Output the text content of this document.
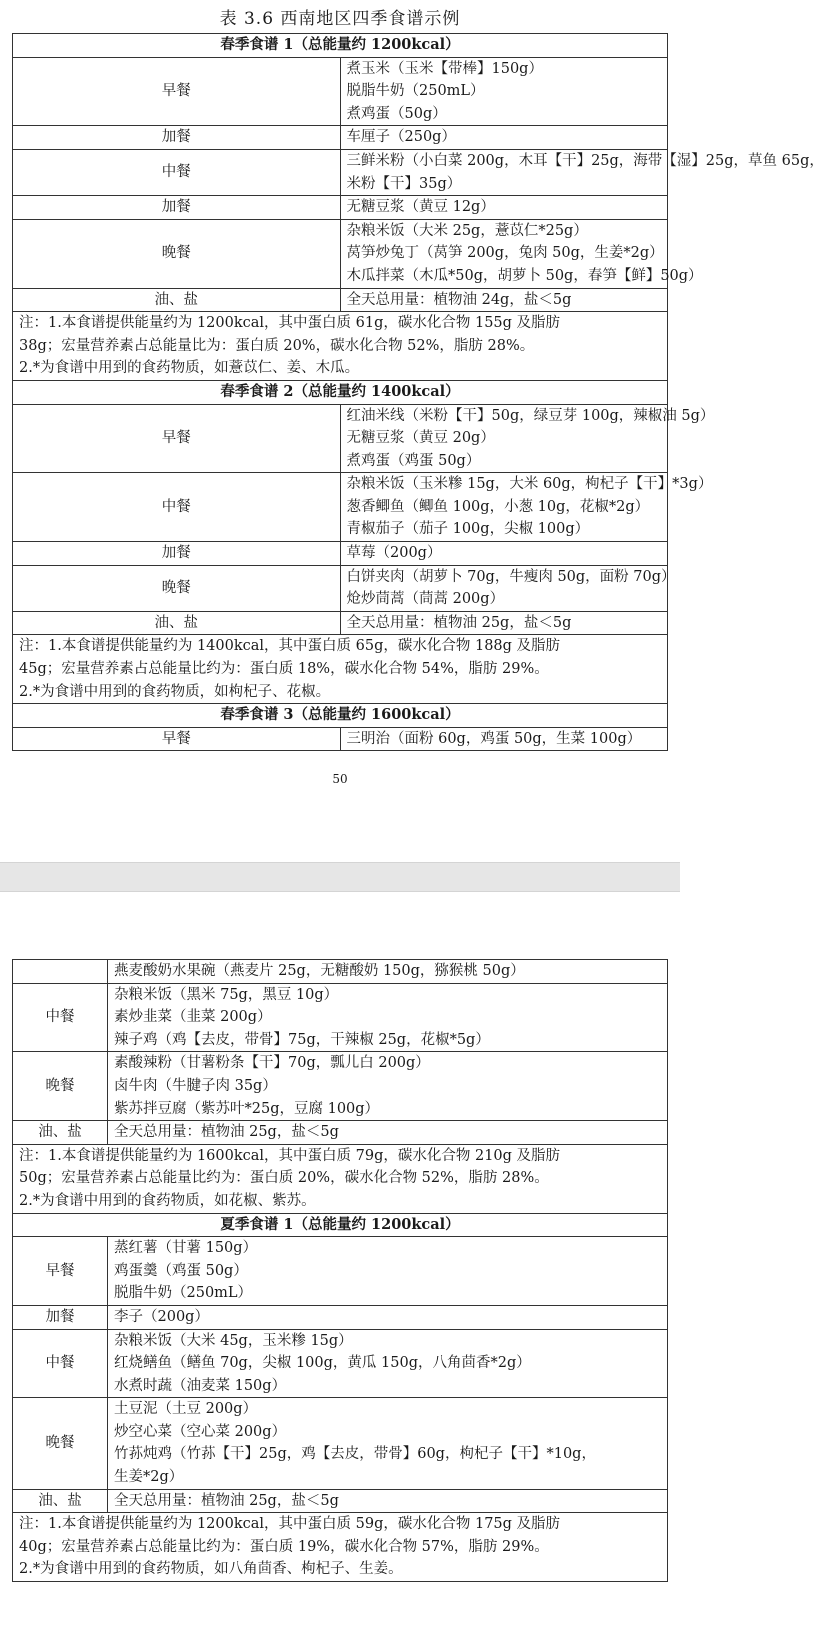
表 3.6 西南地区四季食谱示例
春季食谱 1（总能量约 1200kcal）	
早餐	煮玉米（玉米【带棒】150g）
脱脂牛奶（250mL）
煮鸡蛋（50g）

加餐	车厘子（250g）

中餐	三鲜米粉（小白菜 200g，木耳【干】25g，海带【湿】25g，草鱼 65g，
米粉【干】35g）

加餐	无糖豆浆（黄豆 12g）

晚餐	杂粮米饭（大米 25g，薏苡仁*25g）
莴笋炒兔丁（莴笋 200g，兔肉 50g，生姜*2g）
木瓜拌菜（木瓜*50g，胡萝卜 50g，春笋【鲜】50g）

油、盐	全天总用量：植物油 24g，盐＜5g

注：1.本食谱提供能量约为 1200kcal，其中蛋白质 61g，碳水化合物 155g 及脂肪
38g；宏量营养素占总能量比为：蛋白质 20%，碳水化合物 52%，脂肪 28%。
2.*为食谱中用到的食药物质，如薏苡仁、姜、木瓜。	

春季食谱 2（总能量约 1400kcal）	
早餐	红油米线（米粉【干】50g，绿豆芽 100g，辣椒油 5g）
无糖豆浆（黄豆 20g）
煮鸡蛋（鸡蛋 50g）

中餐	杂粮米饭（玉米糁 15g，大米 60g，枸杞子【干】*3g）
葱香鲫鱼（鲫鱼 100g，小葱 10g，花椒*2g）
青椒茄子（茄子 100g，尖椒 100g）

加餐	草莓（200g）

晚餐	白饼夹肉（胡萝卜 70g，牛瘦肉 50g，面粉 70g）
炝炒茼蒿（茼蒿 200g）

油、盐	全天总用量：植物油 25g，盐＜5g

注：1.本食谱提供能量约为 1400kcal，其中蛋白质 65g，碳水化合物 188g 及脂肪
45g；宏量营养素占总能量比约为：蛋白质 18%，碳水化合物 54%，脂肪 29%。
2.*为食谱中用到的食药物质，如枸杞子、花椒。	

春季食谱 3（总能量约 1600kcal）	
早餐	三明治（面粉 60g，鸡蛋 50g，生菜 100g）
50

	燕麦酸奶水果碗（燕麦片 25g，无糖酸奶 150g，猕猴桃 50g）

中餐	杂粮米饭（黑米 75g，黑豆 10g）
素炒韭菜（韭菜 200g）
辣子鸡（鸡【去皮，带骨】75g，干辣椒 25g，花椒*5g）

晚餐	素酸辣粉（甘薯粉条【干】70g，瓢儿白 200g）
卤牛肉（牛腱子肉 35g）
紫苏拌豆腐（紫苏叶*25g，豆腐 100g）

油、盐	全天总用量：植物油 25g，盐＜5g

注：1.本食谱提供能量约为 1600kcal，其中蛋白质 79g，碳水化合物 210g 及脂肪
50g；宏量营养素占总能量比约为：蛋白质 20%，碳水化合物 52%，脂肪 28%。
2.*为食谱中用到的食药物质，如花椒、紫苏。	

夏季食谱 1（总能量约 1200kcal）	
早餐	蒸红薯（甘薯 150g）
鸡蛋羹（鸡蛋 50g）
脱脂牛奶（250mL）

加餐	李子（200g）

中餐	杂粮米饭（大米 45g，玉米糁 15g）
红烧鳝鱼（鳝鱼 70g，尖椒 100g，黄瓜 150g，八角茴香*2g）
水煮时蔬（油麦菜 150g）

晚餐	土豆泥（土豆 200g）
炒空心菜（空心菜 200g）
竹荪炖鸡（竹荪【干】25g，鸡【去皮，带骨】60g，枸杞子【干】*10g，
生姜*2g）

油、盐	全天总用量：植物油 25g，盐＜5g

注：1.本食谱提供能量约为 1200kcal，其中蛋白质 59g，碳水化合物 175g 及脂肪
40g；宏量营养素占总能量比约为：蛋白质 19%，碳水化合物 57%，脂肪 29%。
2.*为食谱中用到的食药物质，如八角茴香、枸杞子、生姜。	
